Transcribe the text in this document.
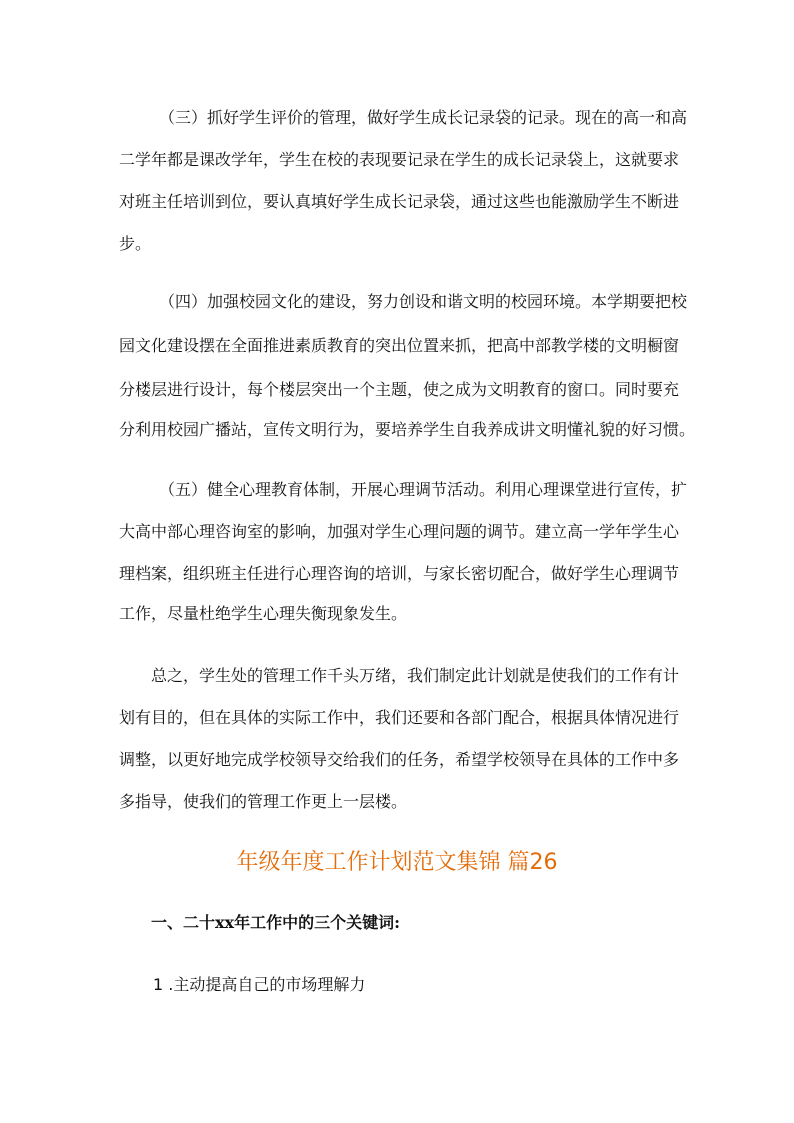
（三）抓好学生评价的管理，做好学生成长记录袋的记录。现在的高一和高
二学年都是课改学年，学生在校的表现要记录在学生的成长记录袋上，这就要求
对班主任培训到位，要认真填好学生成长记录袋，通过这些也能激励学生不断进
步。
（四）加强校园文化的建设，努力创设和谐文明的校园环境。本学期要把校
园文化建设摆在全面推进素质教育的突出位置来抓，把高中部教学楼的文明橱窗
分楼层进行设计，每个楼层突出一个主题，使之成为文明教育的窗口。同时要充
分利用校园广播站，宣传文明行为，要培养学生自我养成讲文明懂礼貌的好习惯。
（五）健全心理教育体制，开展心理调节活动。利用心理课堂进行宣传，扩
大高中部心理咨询室的影响，加强对学生心理问题的调节。建立高一学年学生心
理档案，组织班主任进行心理咨询的培训，与家长密切配合，做好学生心理调节
工作，尽量杜绝学生心理失衡现象发生。
总之，学生处的管理工作千头万绪，我们制定此计划就是使我们的工作有计
划有目的，但在具体的实际工作中，我们还要和各部门配合，根据具体情况进行
调整，以更好地完成学校领导交给我们的任务，希望学校领导在具体的工作中多
多指导，使我们的管理工作更上一层楼。
年级年度工作计划范文集锦 篇26
一、二十xx年工作中的三个关键词:
1 .主动提高自己的市场理解力
